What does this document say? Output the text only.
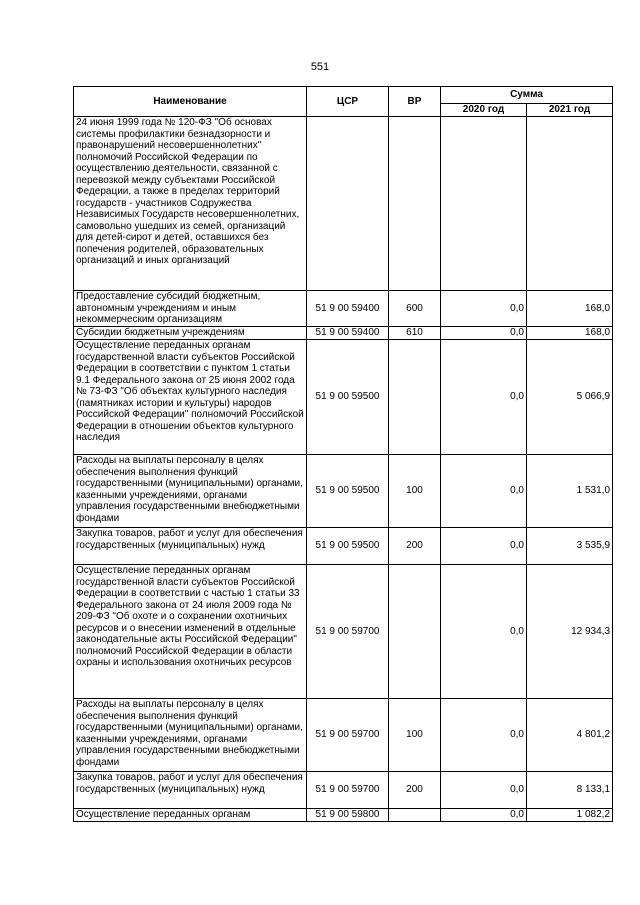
551
Наименование	ЦСР	ВР	Сумма	
			2020 год	2021 год
24 июня 1999 года № 120-ФЗ "Об основах системы профилактики безнадзорности и правонарушений несовершеннолетних" полномочий Российской Федерации по осуществлению деятельности, связанной с перевозкой между субъектами Российской Федерации, а также в пределах территорий государств - участников Содружества Независимых Государств несовершеннолетних, самовольно ушедших из семей, организаций для детей-сирот и детей, оставшихся без попечения родителей, образовательных организаций и иных организаций				
Предоставление субсидий бюджетным, автономным учреждениям и иным некоммерческим организациям	51 9 00 59400	600	0,0	168,0
Субсидии бюджетным учреждениям	51 9 00 59400	610	0,0	168,0
Осуществление переданных органам государственной власти субъектов Российской Федерации в соответствии с пунктом 1 статьи 9.1 Федерального закона от 25 июня 2002 года № 73-ФЗ "Об объектах культурного наследия (памятниках истории и культуры) народов Российской Федерации" полномочий Российской Федерации в отношении объектов культурного наследия	51 9 00 59500		0,0	5 066,9
Расходы на выплаты персоналу в целях обеспечения выполнения функций государственными (муниципальными) органами, казенными учреждениями, органами управления государственными внебюджетными фондами	51 9 00 59500	100	0,0	1 531,0
Закупка товаров, работ и услуг для обеспечения государственных (муниципальных) нужд	51 9 00 59500	200	0,0	3 535,9
Осуществление переданных органам государственной власти субъектов Российской Федерации в соответствии с частью 1 статьи 33 Федерального закона от 24 июля 2009 года № 209-ФЗ "Об охоте и о сохранении охотничьих ресурсов и о внесении изменений в отдельные законодательные акты Российской Федерации" полномочий Российской Федерации в области охраны и использования охотничьих ресурсов	51 9 00 59700		0,0	12 934,3
Расходы на выплаты персоналу в целях обеспечения выполнения функций государственными (муниципальными) органами, казенными учреждениями, органами управления государственными внебюджетными фондами	51 9 00 59700	100	0,0	4 801,2
Закупка товаров, работ и услуг для обеспечения государственных (муниципальных) нужд	51 9 00 59700	200	0,0	8 133,1
Осуществление переданных органам	51 9 00 59800		0,0	1 082,2
